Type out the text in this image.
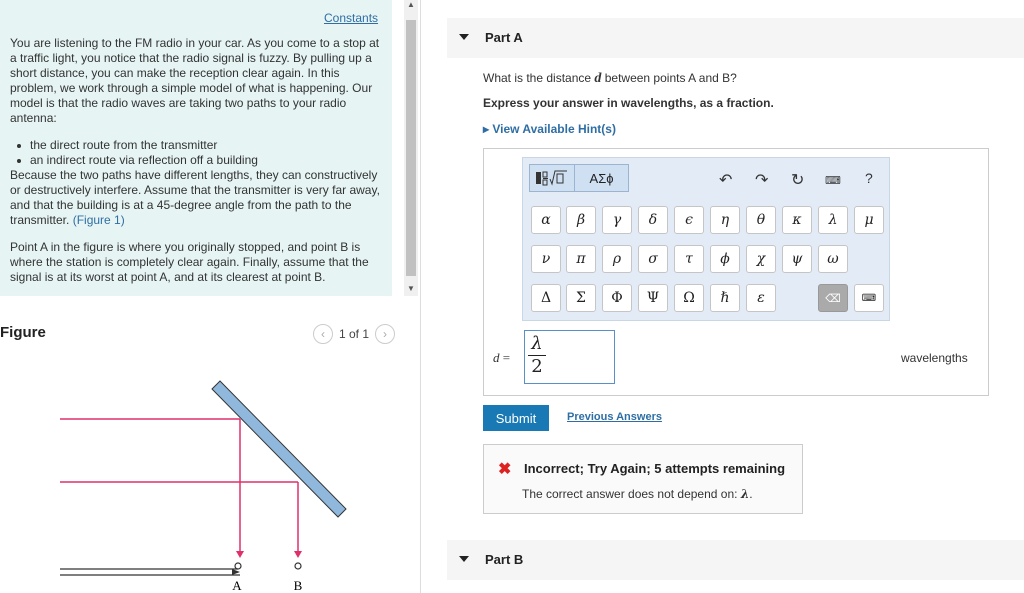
Constants

You are listening to the FM radio in your car. As you come to a stop at a traffic light, you notice that the radio signal is fuzzy. By pulling up a short distance, you can make the reception clear again. In this problem, we work through a simple model of what is happening. Our model is that the radio waves are taking two paths to your radio antenna:

the direct route from the transmitter

an indirect route via reflection off a building

Because the two paths have different lengths, they can constructively or destructively interfere. Assume that the transmitter is very far away, and that the building is at a 45-degree angle from the path to the transmitter. (Figure 1)

Point A in the figure is where you originally stopped, and point B is where the station is completely clear again. Finally, assume that the signal is at its worst at point A, and at its clearest at point B.

▲
▼
Figure	‹	1 of 1	›
A	B
Part A
What is the distance d between points A and B?
Express your answer in wavelengths, as a fraction.
▸ View Available Hint(s)
ΑΣϕ	↶ ↷ ↻ ⌨ ?
α	β	γ	δ	ϵ	η	θ	κ	λ	μ
ν	π	ρ	σ	τ	ϕ	χ	ψ	ω
Δ	Σ	Φ	Ψ	Ω	ℏ	ε	⌫	⌨
d =
λ
2	wavelengths
Submit	Previous Answers
✖ Incorrect; Try Again; 5 attempts remaining
The correct answer does not depend on: λ.
Part B
